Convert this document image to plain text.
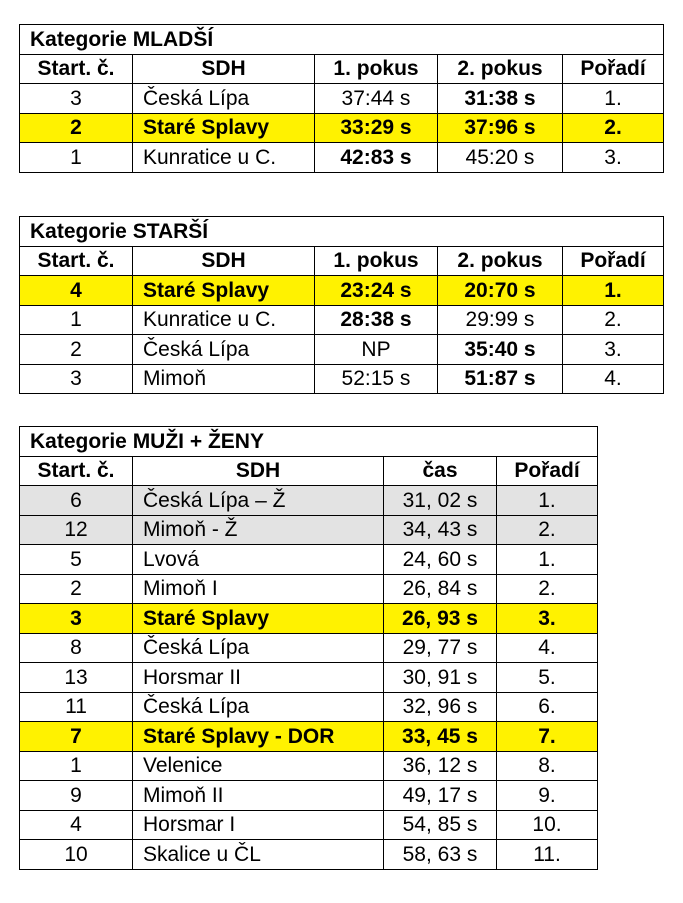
Kategorie MLADŠÍ				
Start. č.	SDH	1. pokus	2. pokus	Pořadí
3	Česká Lípa	37:44 s	31:38 s	1.
2	Staré Splavy	33:29 s	37:96 s	2.
1	Kunratice u C.	42:83 s	45:20 s	3.
Kategorie STARŠÍ				
Start. č.	SDH	1. pokus	2. pokus	Pořadí
4	Staré Splavy	23:24 s	20:70 s	1.
1	Kunratice u C.	28:38 s	29:99 s	2.
2	Česká Lípa	NP	35:40 s	3.
3	Mimoň	52:15 s	51:87 s	4.
Kategorie MUŽI + ŽENY			
Start. č.	SDH	čas	Pořadí
6	Česká Lípa – Ž	31, 02 s	1.
12	Mimoň - Ž	34, 43 s	2.
5	Lvová	24, 60 s	1.
2	Mimoň I	26, 84 s	2.
3	Staré Splavy	26, 93 s	3.
8	Česká Lípa	29, 77 s	4.
13	Horsmar II	30, 91 s	5.
11	Česká Lípa	32, 96 s	6.
7	Staré Splavy - DOR	33, 45 s	7.
1	Velenice	36, 12 s	8.
9	Mimoň II	49, 17 s	9.
4	Horsmar I	54, 85 s	10.
10	Skalice u ČL	58, 63 s	11.
